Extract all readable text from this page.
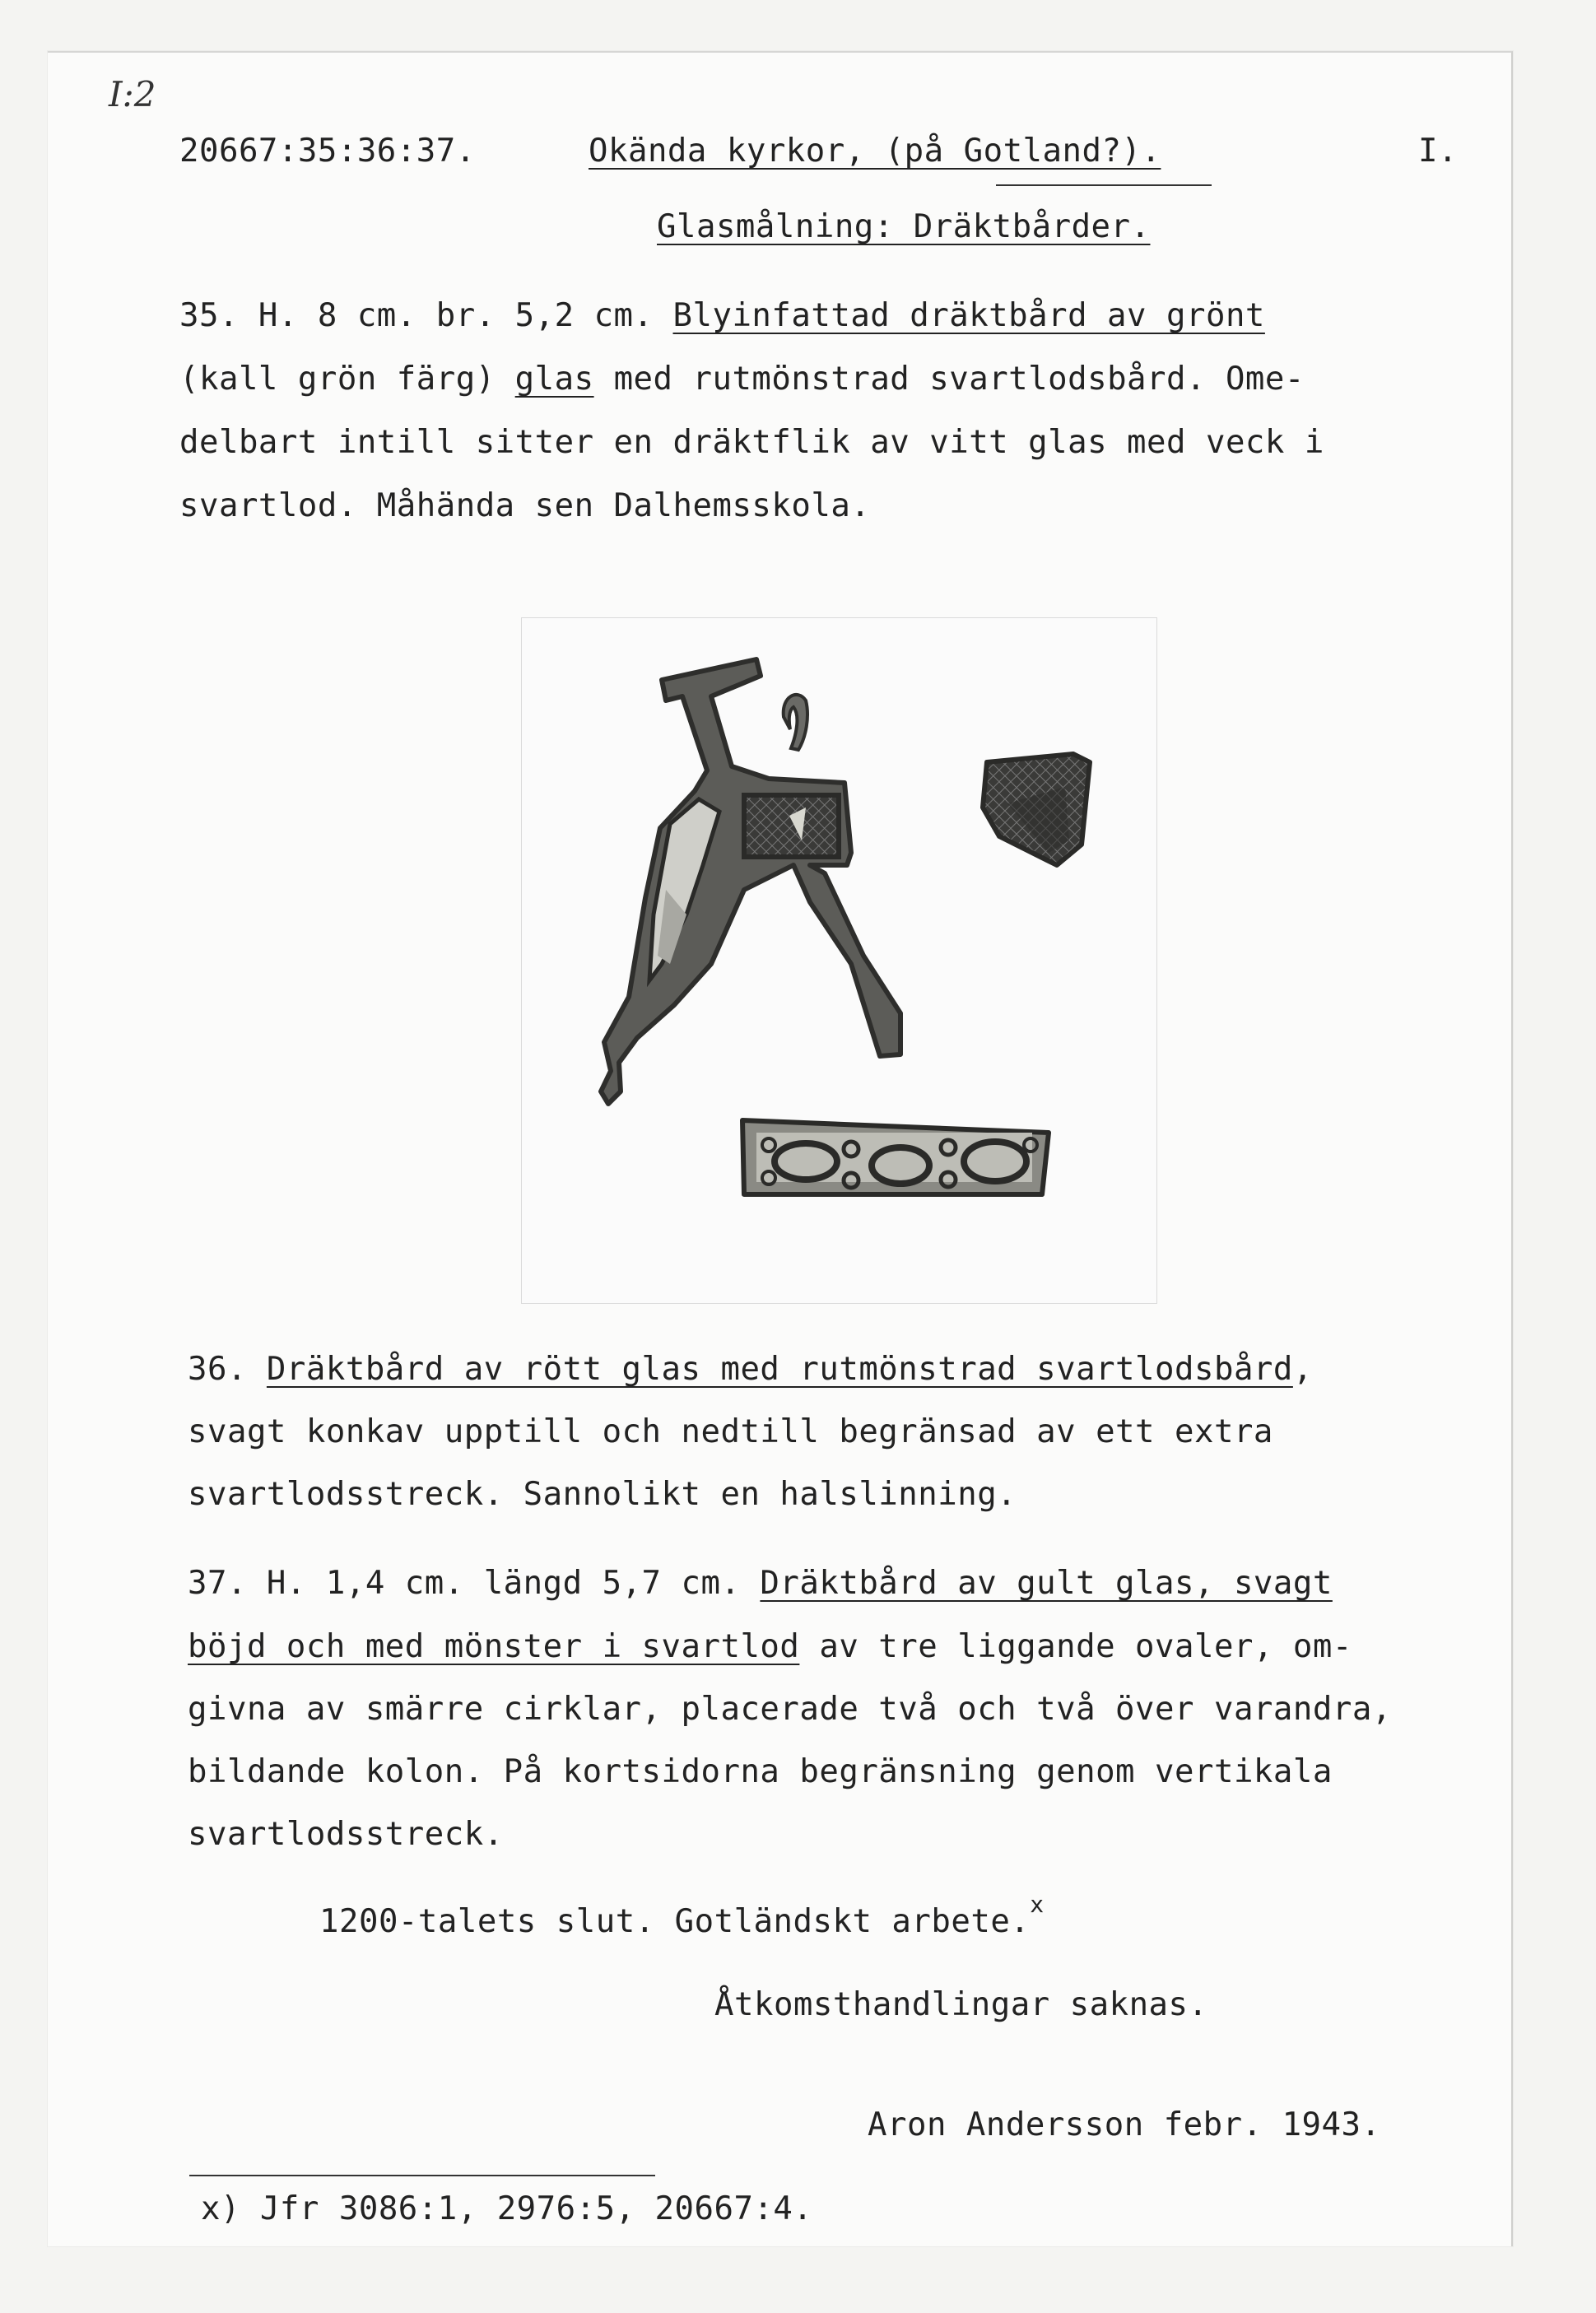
I:2
20667:35:36:37.	Okända kyrkor, (på Gotland?).	I.
Glasmålning: Dräktbårder.
35. H. 8 cm. br. 5,2 cm. Blyinfattad dräktbård av grönt
(kall grön färg) glas med rutmönstrad svartlodsbård. Ome-
delbart intill sitter en dräktflik av vitt glas med veck i
svartlod. Måhända sen Dalhemsskola.
36. Dräktbård av rött glas med rutmönstrad svartlodsbård,
svagt konkav upptill och nedtill begränsad av ett extra
svartlodsstreck. Sannolikt en halslinning.
37. H. 1,4 cm. längd 5,7 cm. Dräktbård av gult glas, svagt
böjd och med mönster i svartlod av tre liggande ovaler, om-
givna av smärre cirklar, placerade två och två över varandra,
bildande kolon. På kortsidorna begränsning genom vertikala
svartlodsstreck.
1200-talets slut. Gotländskt arbete.$^x$
Åtkomsthandlingar saknas.
Aron Andersson febr. 1943.
x) Jfr 3086:1, 2976:5, 20667:4.
